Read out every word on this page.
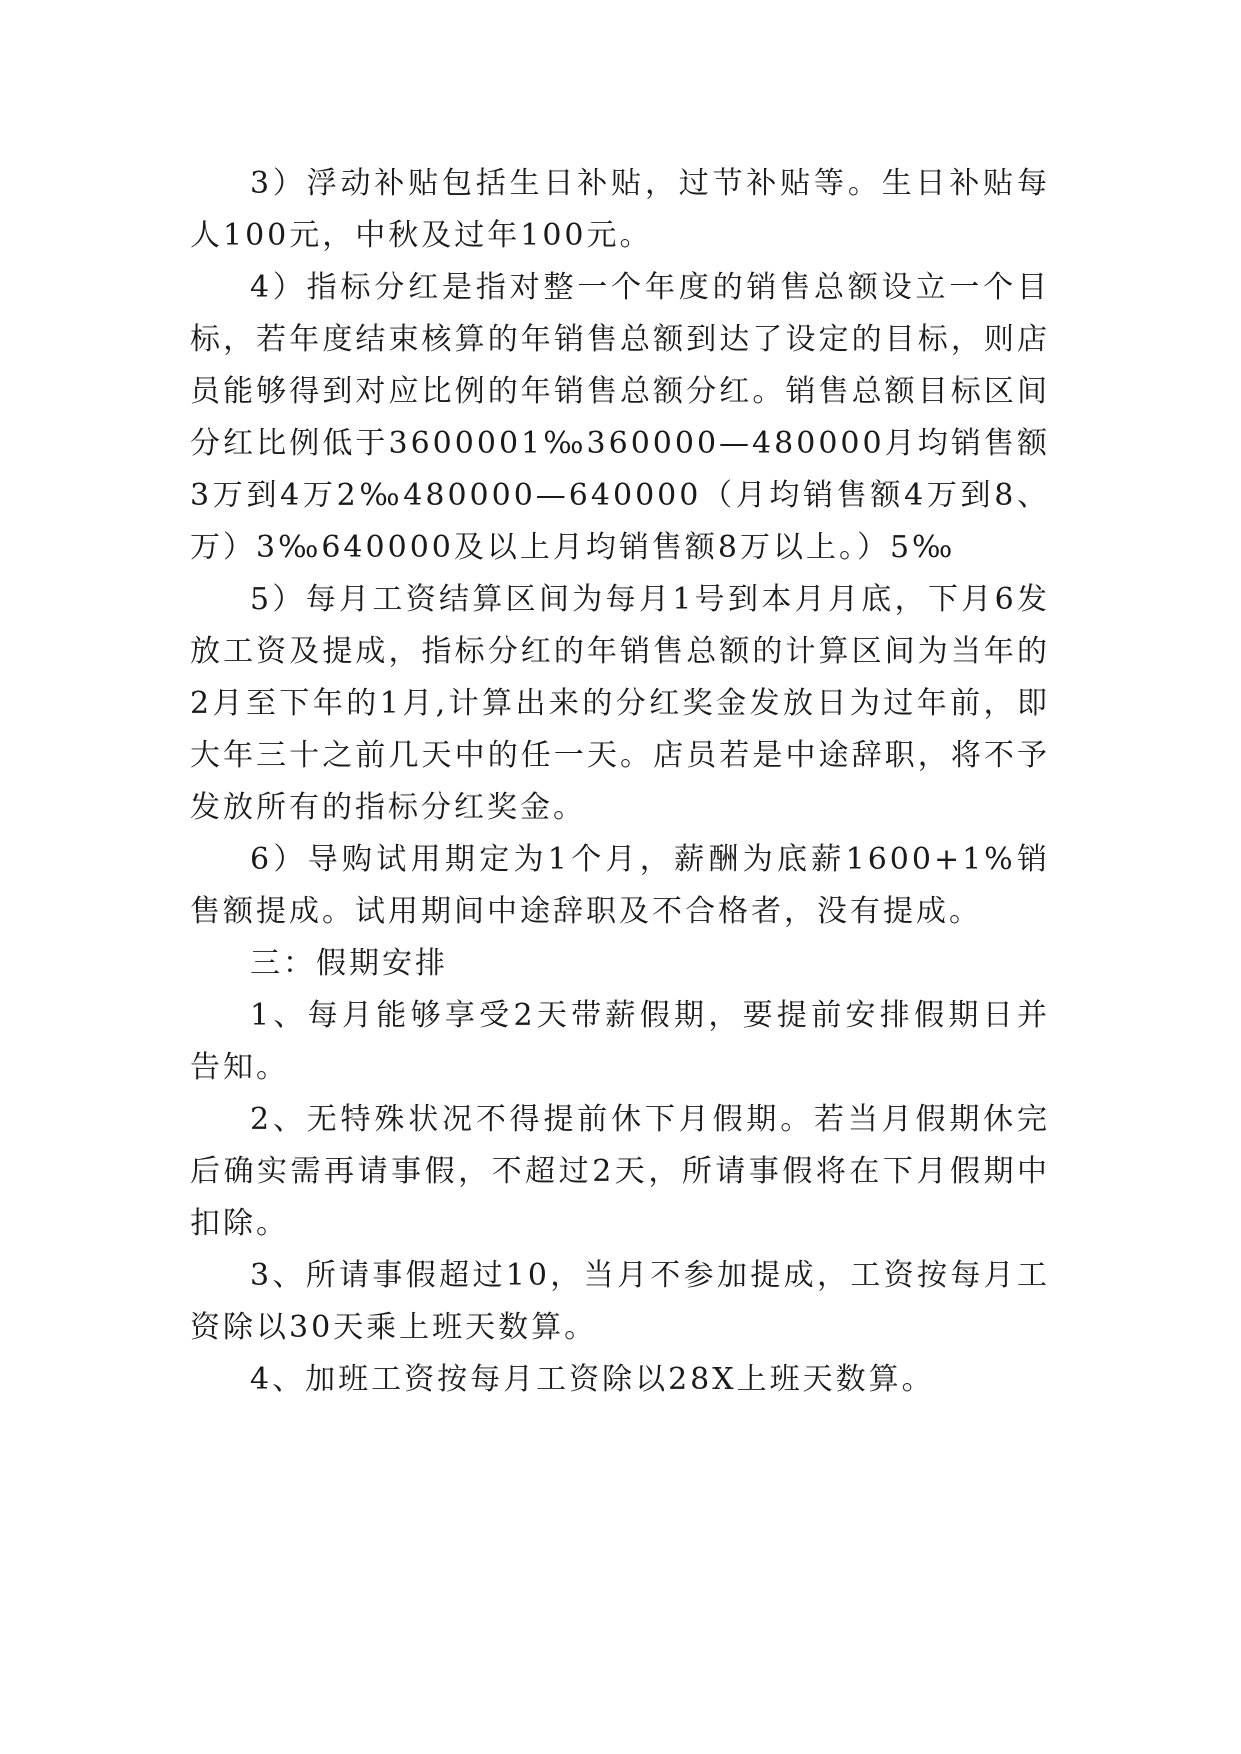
3）浮动补贴包括生日补贴，过节补贴等。生日补贴每人100元，中秋及过年100元。

4）指标分红是指对整一个年度的销售总额设立一个目标，若年度结束核算的年销售总额到达了设定的目标，则店员能够得到对应比例的年销售总额分红。销售总额目标区间分红比例低于3600001‰360000—480000月均销售额3万到4万2‰480000—640000（月均销售额4万到8、万）3‰640000及以上月均销售额8万以上。）5‰

5）每月工资结算区间为每月1号到本月月底，下月6发放工资及提成，指标分红的年销售总额的计算区间为当年的2月至下年的1月,计算出来的分红奖金发放日为过年前，即大年三十之前几天中的任一天。店员若是中途辞职，将不予发放所有的指标分红奖金。

6）导购试用期定为1个月，薪酬为底薪1600+1%销售额提成。试用期间中途辞职及不合格者，没有提成。

三：假期安排

1、每月能够享受2天带薪假期，要提前安排假期日并告知。

2、无特殊状况不得提前休下月假期。若当月假期休完后确实需再请事假，不超过2天，所请事假将在下月假期中扣除。

3、所请事假超过10，当月不参加提成，工资按每月工资除以30天乘上班天数算。

4、加班工资按每月工资除以28X上班天数算。
